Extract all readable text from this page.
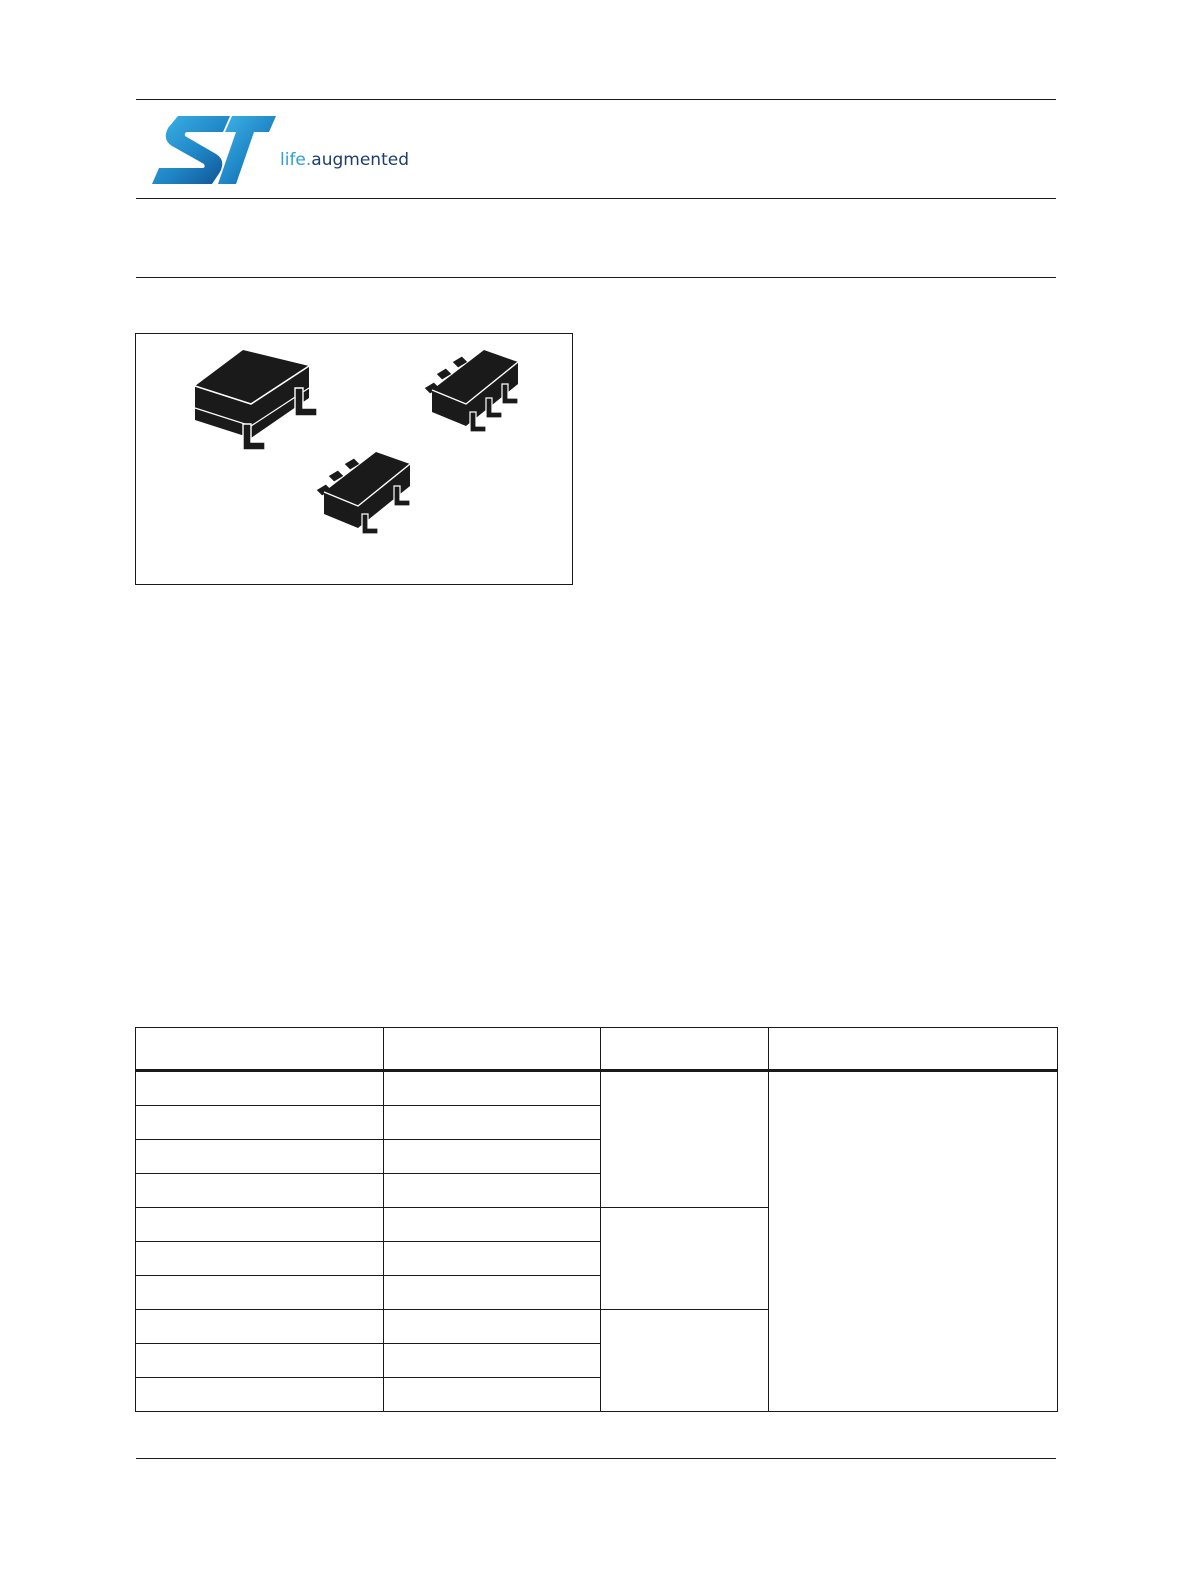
life.augmented
